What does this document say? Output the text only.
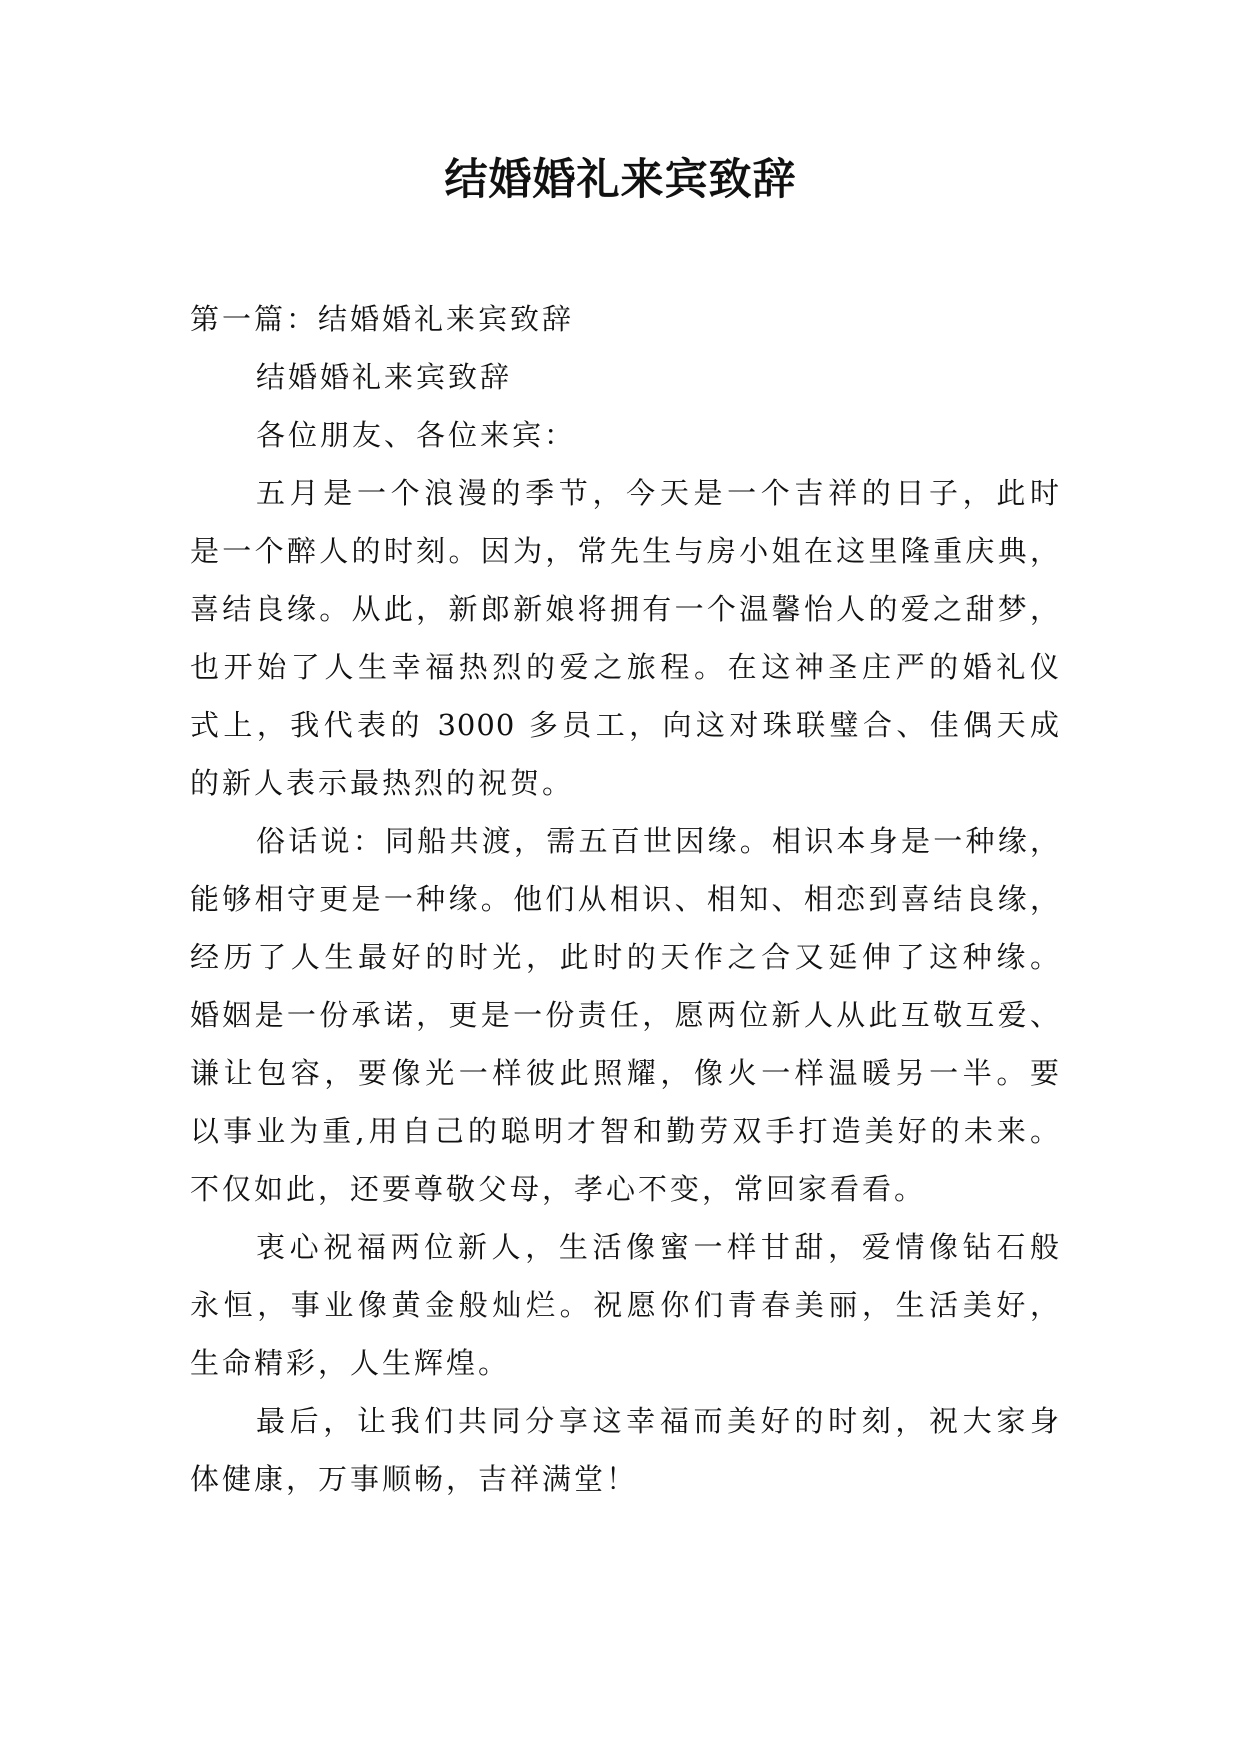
结婚婚礼来宾致辞
第一篇：结婚婚礼来宾致辞
结婚婚礼来宾致辞
各位朋友、各位来宾：
五月是一个浪漫的季节，今天是一个吉祥的日子，此时
是一个醉人的时刻。因为，常先生与房小姐在这里隆重庆典，
喜结良缘。从此，新郎新娘将拥有一个温馨怡人的爱之甜梦，
也开始了人生幸福热烈的爱之旅程。在这神圣庄严的婚礼仪
式上，我代表的 3000 多员工，向这对珠联璧合、佳偶天成
的新人表示最热烈的祝贺。
俗话说：同船共渡，需五百世因缘。相识本身是一种缘，
能够相守更是一种缘。他们从相识、相知、相恋到喜结良缘，
经历了人生最好的时光，此时的天作之合又延伸了这种缘。
婚姻是一份承诺，更是一份责任，愿两位新人从此互敬互爱、
谦让包容，要像光一样彼此照耀，像火一样温暖另一半。要
以事业为重,用自己的聪明才智和勤劳双手打造美好的未来。
不仅如此，还要尊敬父母，孝心不变，常回家看看。
衷心祝福两位新人，生活像蜜一样甘甜，爱情像钻石般
永恒，事业像黄金般灿烂。祝愿你们青春美丽，生活美好，
生命精彩，人生辉煌。
最后，让我们共同分享这幸福而美好的时刻，祝大家身
体健康，万事顺畅，吉祥满堂！
